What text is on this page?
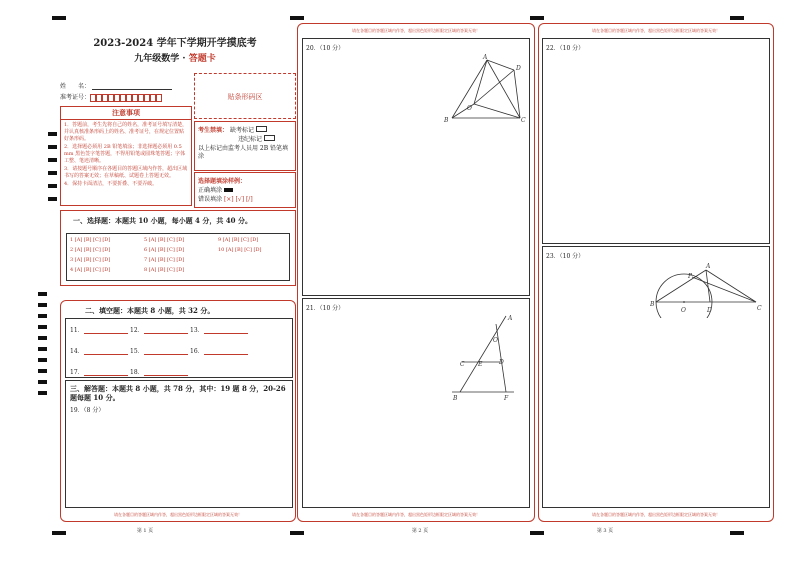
2023-2024 学年下学期开学摸底考
九年级数学 · 答题卡
姓　　名：
准考证号：	贴条形码区
注意事项
1．答题前，考生先将自己的姓名，准考证号填写清楚，并认真核准条形码上的姓名、准考证号，在规定位置贴好条形码。
2．选择题必须用 2B 铅笔填涂；非选择题必须用 0.5 mm 黑色签字笔答题，不得用铅笔或圆珠笔答题；字体工整、笔迹清晰。
3．请按题号顺序在各题目的答题区域内作答，超出区域书写的答案无效；在草稿纸、试题卷上答题无效。
4．保持卡面清洁，不要折叠、不要弄破。
考生禁填： 缺考标记
违纪标记
以上标记由监考人员用 2B 铅笔填涂
选择题填涂样例：
正确填涂
错误填涂 [×] [√] [/]
一、选择题：本题共 10 小题，每小题 4 分，共 40 分。
1 [A] [B] [C] [D]
2 [A] [B] [C] [D]
3 [A] [B] [C] [D]
4 [A] [B] [C] [D]
5 [A] [B] [C] [D]
6 [A] [B] [C] [D]
7 [A] [B] [C] [D]
8 [A] [B] [C] [D]
9 [A] [B] [C] [D]
10 [A] [B] [C] [D]
二、填空题：本题共 8 小题，共 32 分。
11．	12．	13．
14．	15．	16．
17．	18．
三、解答题：本题共 8 小题，共 78 分，其中：19 题 8 分，20-26 题每题 10 分。
19．（8 分）
请在各题目的答题区域内作答，超出黑色矩形边框限定区域的答案无效！
第 1 页
请在各题目的答题区域内作答，超出黑色矩形边框限定区域的答案无效！
20．（10 分）
A
D
B
O
C
21．（10 分）
A
O
C E	D
B	F
请在各题目的答题区域内作答，超出黑色矩形边框限定区域的答案无效！
第 2 页
请在各题目的答题区域内作答，超出黑色矩形边框限定区域的答案无效！
22．（10 分）
23．（10 分）
A
P
B
O	D	C
请在各题目的答题区域内作答，超出黑色矩形边框限定区域的答案无效！
第 3 页
